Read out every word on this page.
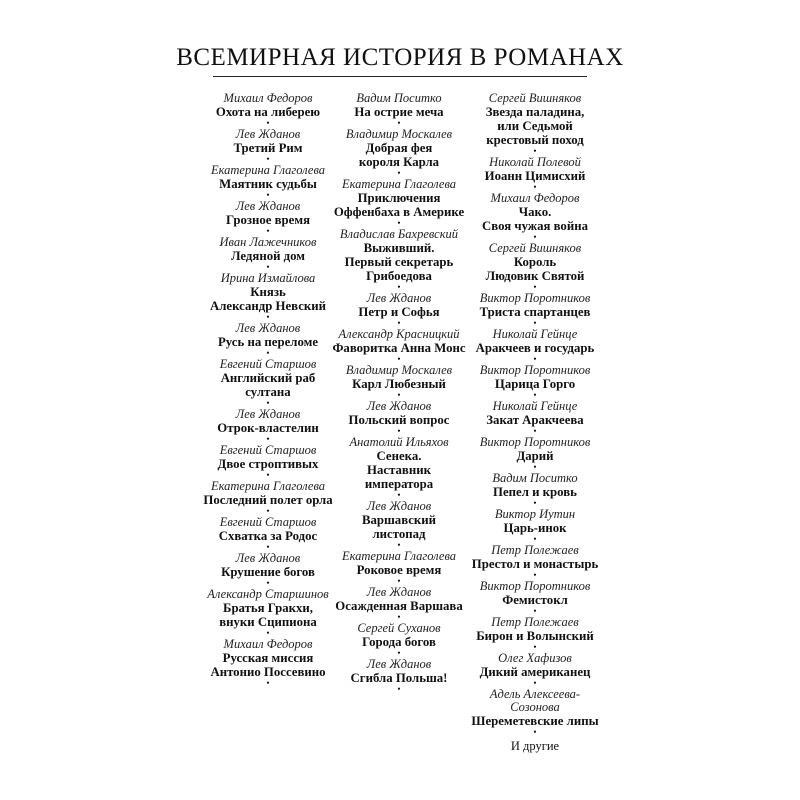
ВСЕМИРНАЯ ИСТОРИЯ В РОМАНАХ
Михаил Федоров
Охота на либерею
•
Лев Жданов
Третий Рим
•
Екатерина Глаголева
Маятник судьбы
•
Лев Жданов
Грозное время
•
Иван Лажечников
Ледяной дом
•
Ирина Измайлова
Князь
Александр Невский
•
Лев Жданов
Русь на переломе
•
Евгений Старшов
Английский раб
султана
•
Лев Жданов
Отрок-властелин
•
Евгений Старшов
Двое строптивых
•
Екатерина Глаголева
Последний полет орла
•
Евгений Старшов
Схватка за Родос
•
Лев Жданов
Крушение богов
•
Александр Старшинов
Братья Гракхи,
внуки Сципиона
•
Михаил Федоров
Русская миссия
Антонио Поссевино
•
Вадим Поситко
На острие меча
•
Владимир Москалев
Добрая фея
короля Карла
•
Екатерина Глаголева
Приключения
Оффенбаха в Америке
•
Владислав Бахревский
Выживший.
Первый секретарь
Грибоедова
•
Лев Жданов
Петр и Софья
•
Александр Красницкий
Фаворитка Анна Монс
•
Владимир Москалев
Карл Любезный
•
Лев Жданов
Польский вопрос
•
Анатолий Ильяхов
Сенека.
Наставник
императора
•
Лев Жданов
Варшавский
листопад
•
Екатерина Глаголева
Роковое время
•
Лев Жданов
Осажденная Варшава
•
Сергей Суханов
Города богов
•
Лев Жданов
Сгибла Польша!
•
Сергей Вишняков
Звезда паладина,
или Седьмой
крестовый поход
•
Николай Полевой
Иоанн Цимисхий
•
Михаил Федоров
Чако.
Своя чужая война
•
Сергей Вишняков
Король
Людовик Святой
•
Виктор Поротников
Триста спартанцев
•
Николай Гейнце
Аракчеев и государь
•
Виктор Поротников
Царица Горго
•
Николай Гейнце
Закат Аракчеева
•
Виктор Поротников
Дарий
•
Вадим Поситко
Пепел и кровь
•
Виктор Иутин
Царь-инок
•
Петр Полежаев
Престол и монастырь
•
Виктор Поротников
Фемистокл
•
Петр Полежаев
Бирон и Волынский
•
Олег Хафизов
Дикий американец
•
Адель Алексеева-
Созонова
Шереметевские липы
•
И другие
